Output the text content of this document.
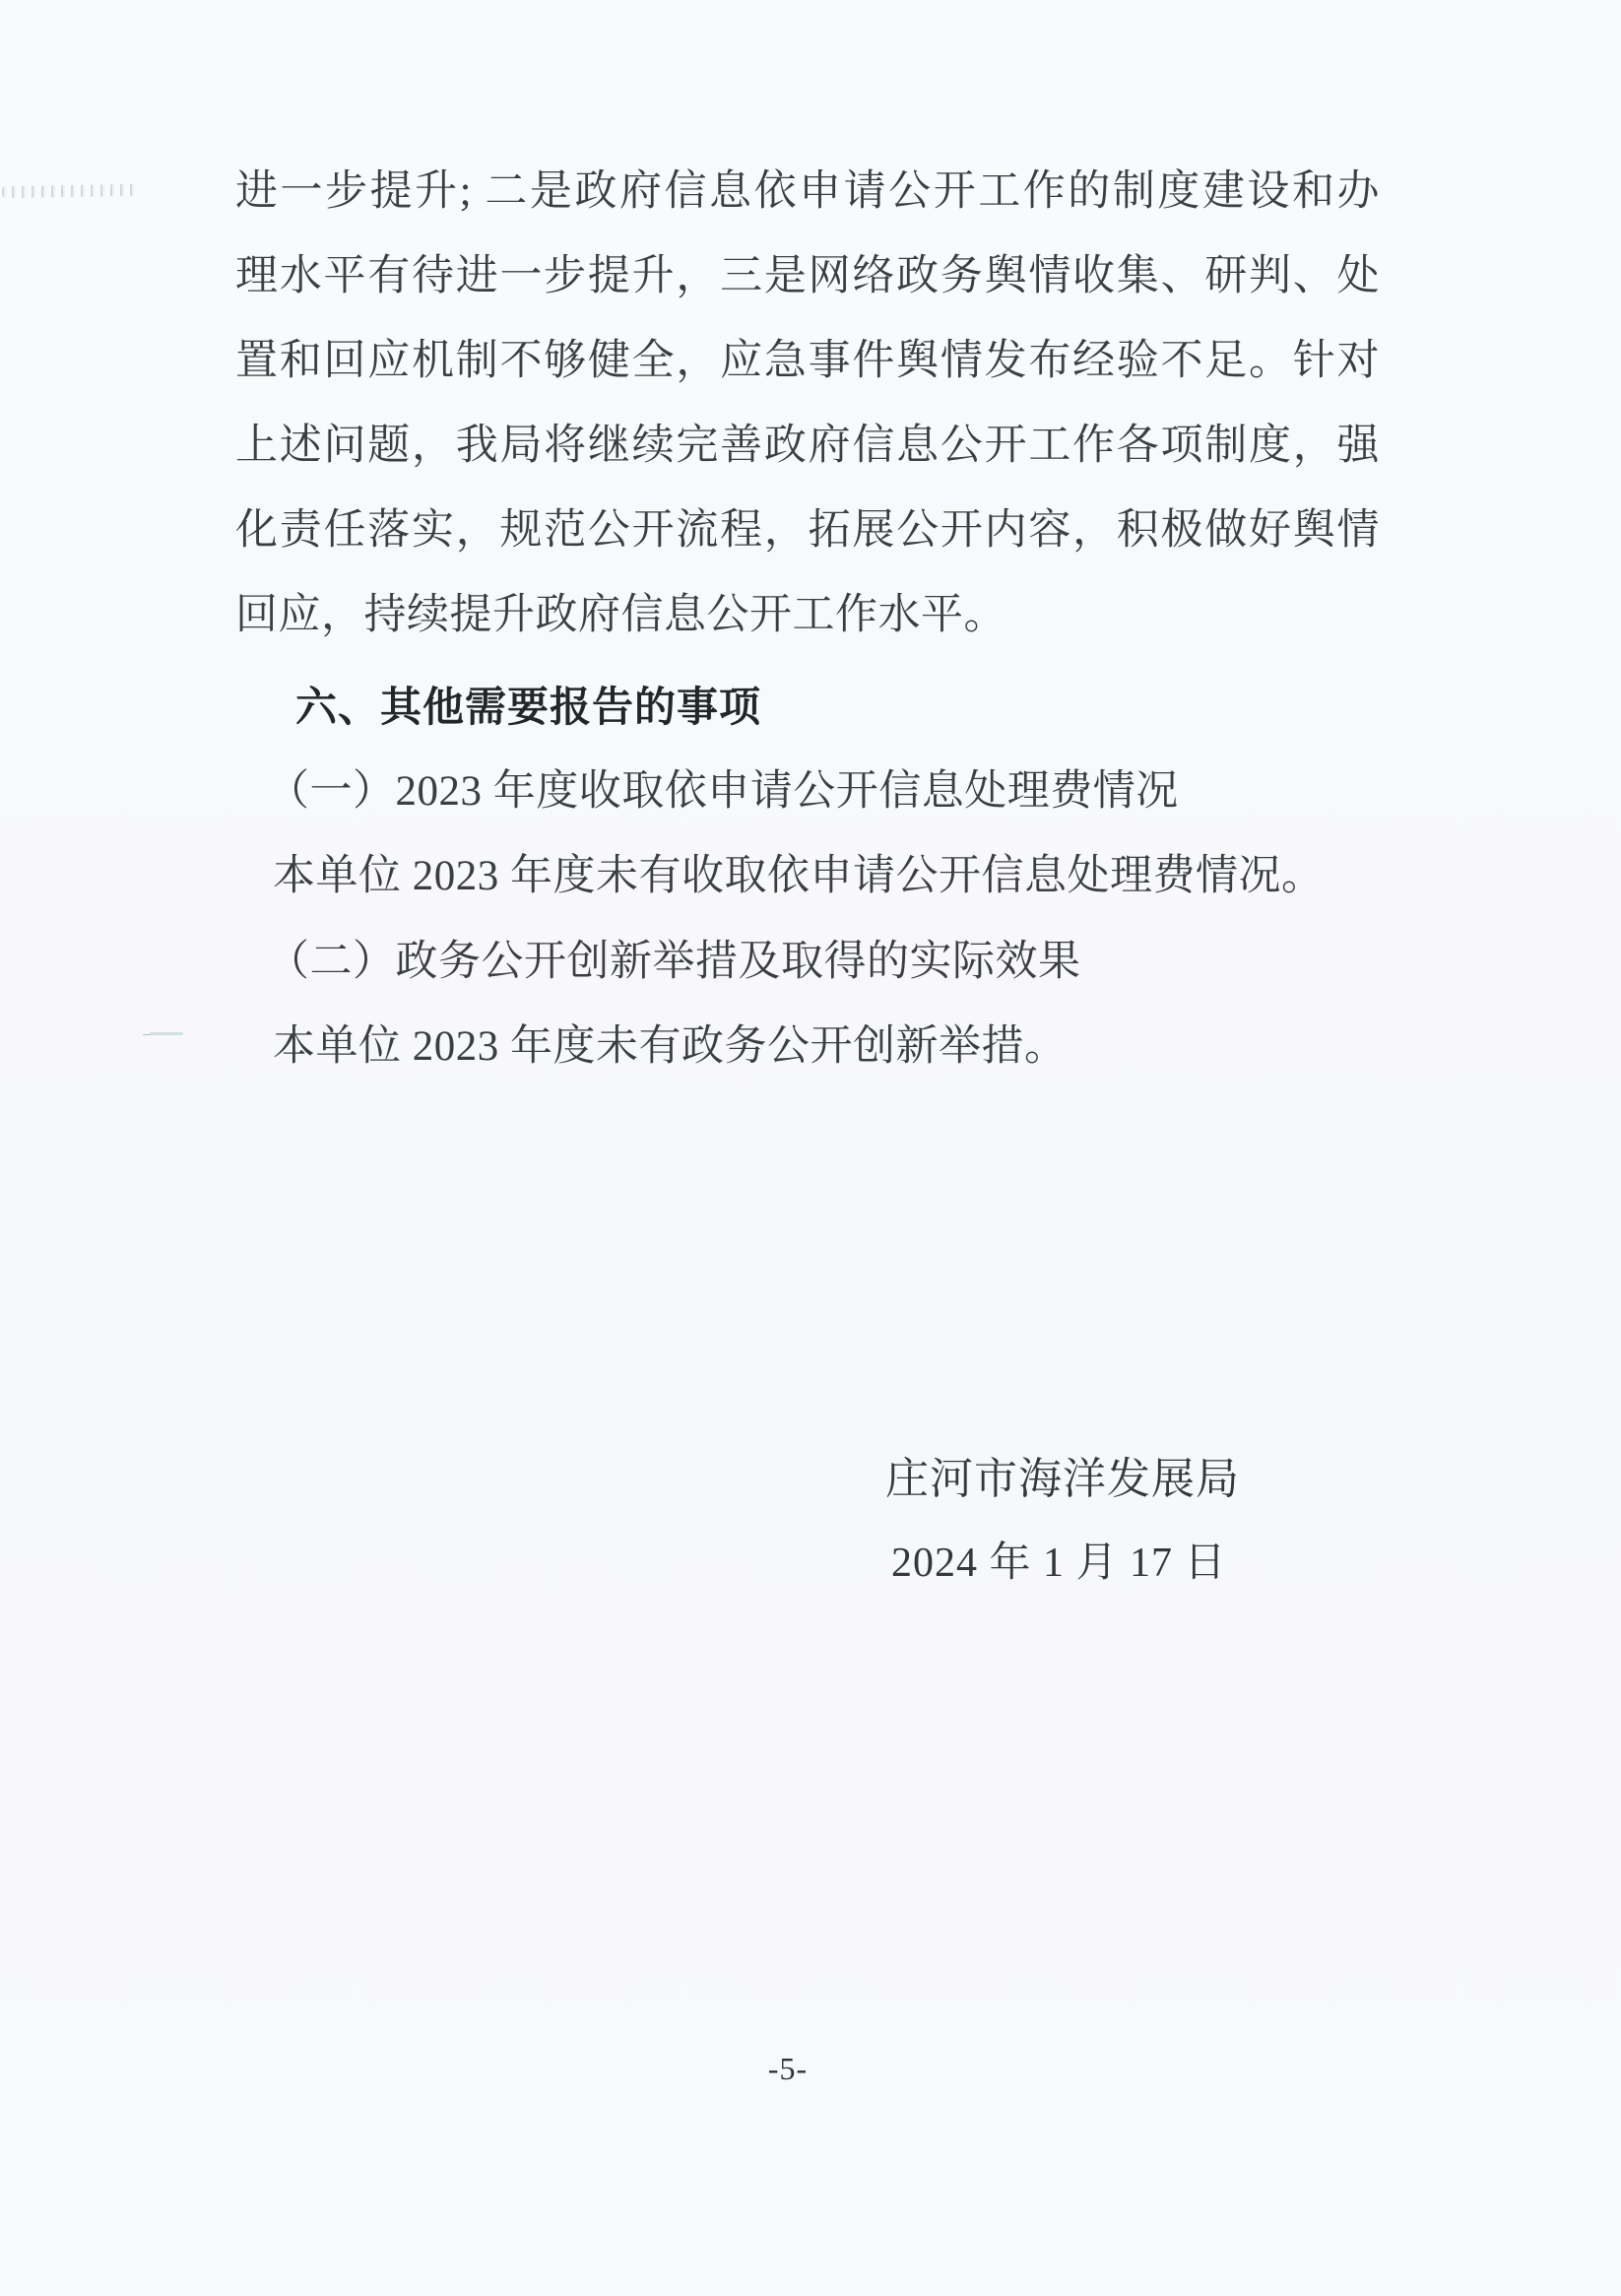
进一步提升; 二是政府信息依申请公开工作的制度建设和办
理水平有待进一步提升，三是网络政务舆情收集、研判、处
置和回应机制不够健全，应急事件舆情发布经验不足。针对
上述问题，我局将继续完善政府信息公开工作各项制度，强
化责任落实，规范公开流程，拓展公开内容，积极做好舆情
回应，持续提升政府信息公开工作水平。
六、其他需要报告的事项
（一）2023 年度收取依申请公开信息处理费情况
本单位 2023 年度未有收取依申请公开信息处理费情况。
（二）政务公开创新举措及取得的实际效果
本单位 2023 年度未有政务公开创新举措。
庄河市海洋发展局
2024 年 1 月 17 日
-5-
